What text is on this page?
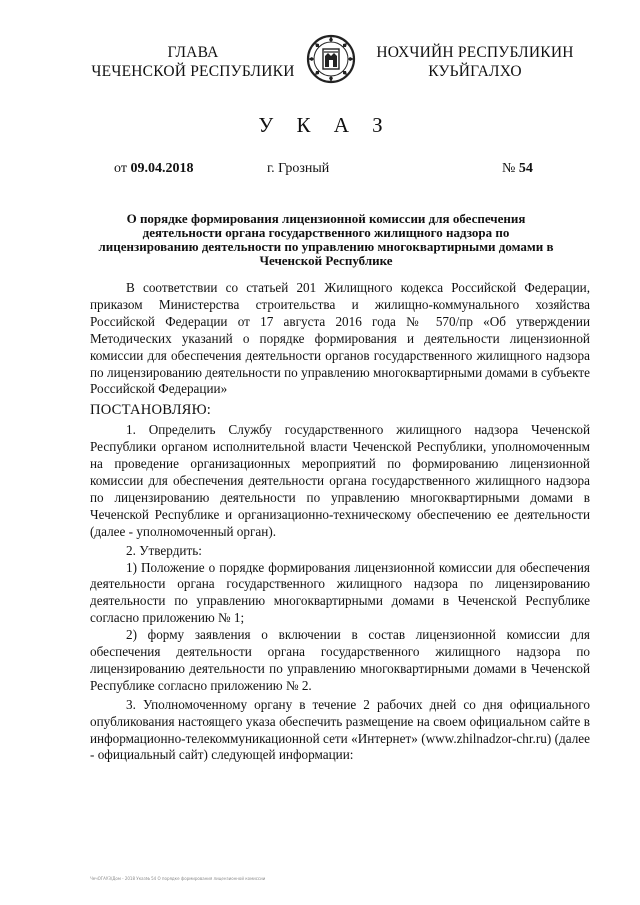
ГЛАВА
ЧЕЧЕНСКОЙ РЕСПУБЛИКИ
НОХЧИЙН РЕСПУБЛИКИН
КУЬЙГАЛХО
У К А З
от 09.04.2018	г. Грозный	№ 54
О порядке формирования лицензионной комиссии для обеспечения деятельности органа государственного жилищного надзора по лицензированию деятельности по управлению многоквартирными домами в Чеченской Республике

В соответствии со статьей 201 Жилищного кодекса Российской Федерации, приказом Министерства строительства и жилищно-коммунального хозяйства Российской Федерации от 17 августа 2016 года № 570/пр «Об утверждении Методических указаний о порядке формирования и деятельности лицензионной комиссии для обеспечения деятельности органов государственного жилищного надзора по лицензированию деятельности по управлению многоквартирными домами в субъекте Российской Федерации»

ПОСТАНОВЛЯЮ:

1. Определить Службу государственного жилищного надзора Чеченской Республики органом исполнительной власти Чеченской Республики, уполномоченным на проведение организационных мероприятий по формированию лицензионной комиссии для обеспечения деятельности органа государственного жилищного надзора по лицензированию деятельности по управлению многоквартирными домами в Чеченской Республике и организационно-техническому обеспечению ее деятельности (далее - уполномоченный орган).

2. Утвердить:

1) Положение о порядке формирования лицензионной комиссии для обеспечения деятельности органа государственного жилищного надзора по лицензированию деятельности по управлению многоквартирными домами в Чеченской Республике согласно приложению № 1;

2) форму заявления о включении в состав лицензионной комиссии для обеспечения деятельности органа государственного жилищного надзора по лицензированию деятельности по управлению многоквартирными домами в Чеченской Республике согласно приложению № 2.

3. Уполномоченному органу в течение 2 рабочих дней со дня официального опубликования настоящего указа обеспечить размещение на своем официальном сайте в информационно-телекоммуникационной сети «Интернет» (www.zhilnadzor-chr.ru) (далее - официальный сайт) следующей информации:

ЧечОГАУЗ/Дом - 2018 Указ№ 54 О порядке формирования лицензионной комиссии
